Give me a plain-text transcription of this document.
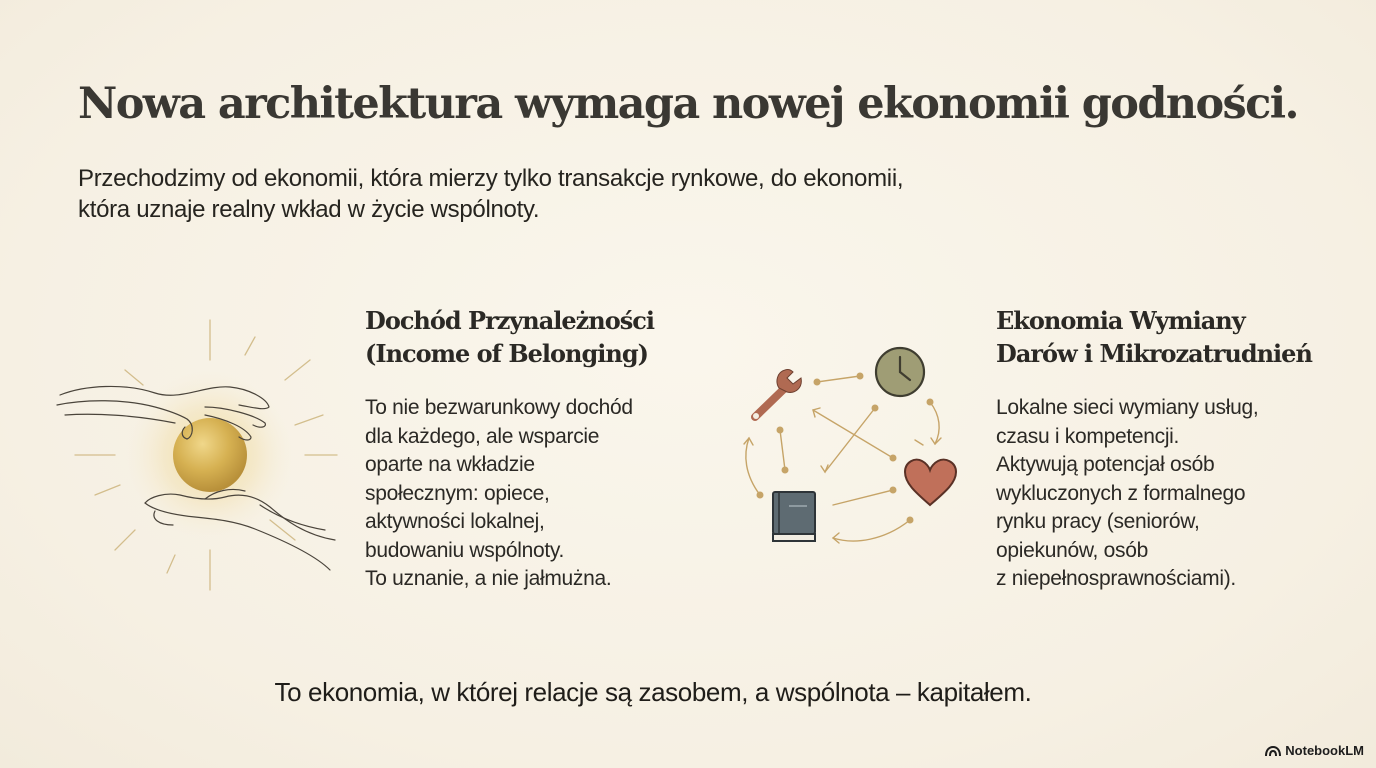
Nowa architektura wymaga nowej ekonomii godności.

Przechodzimy od ekonomii, która mierzy tylko transakcje rynkowe, do ekonomii,
która uznaje realny wkład w życie wspólnoty.

Dochód Przynależności
(Income of Belonging)

To nie bezwarunkowy dochód
dla każdego, ale wsparcie
oparte na wkładzie
społecznym: opiece,
aktywności lokalnej,
budowaniu wspólnoty.
To uznanie, a nie jałmużna.

Ekonomia Wymiany
Darów i Mikrozatrudnień

Lokalne sieci wymiany usług,
czasu i kompetencji.
Aktywują potencjał osób
wykluczonych z formalnego
rynku pracy (seniorów,
opiekunów, osób
z niepełnosprawnościami).

To ekonomia, w której relacje są zasobem, a wspólnota – kapitałem.

NotebookLM
